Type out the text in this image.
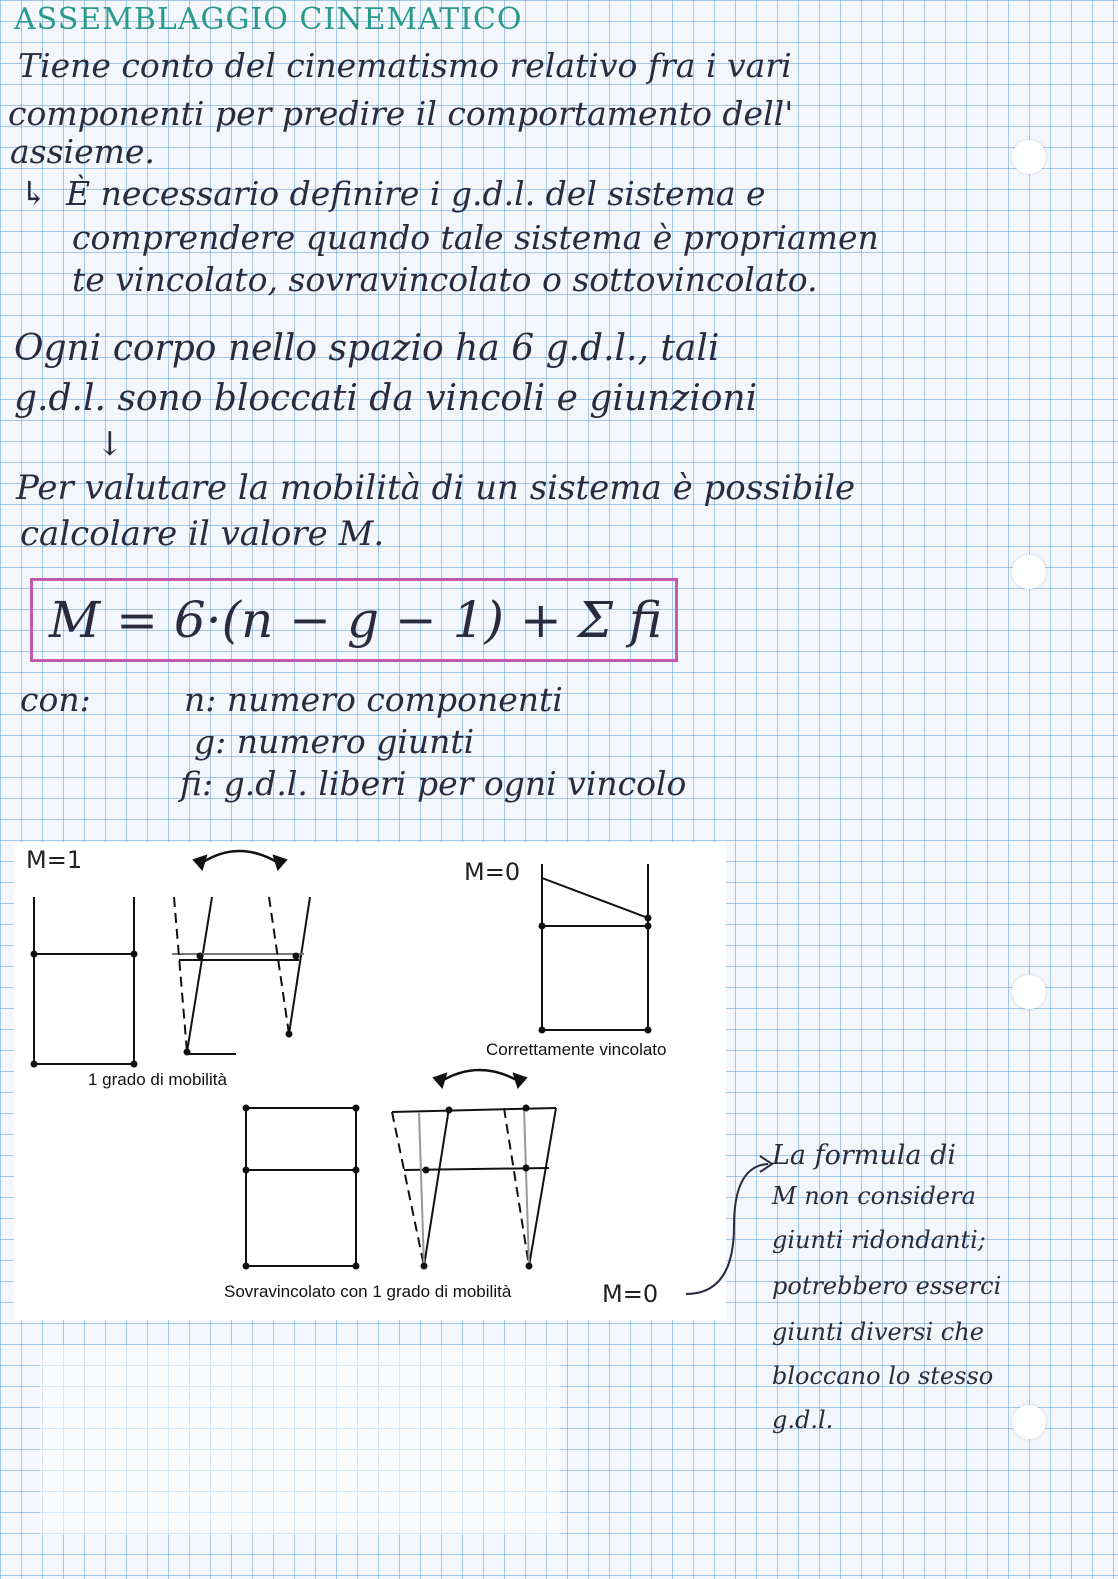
ASSEMBLAGGIO CINEMATICO
Tiene conto del cinematismo relativo fra i vari
componenti per predire il comportamento dell'
assieme.
↳ È necessario definire i g.d.l. del sistema e
comprendere quando tale sistema è propriamen
te vincolato, sovravincolato o sottovincolato.
Ogni corpo nello spazio ha 6 g.d.l., tali
g.d.l. sono bloccati da vincoli e giunzioni
↓
Per valutare la mobilità di un sistema è possibile
calcolare il valore M.
M = 6·(n − g − 1) + Σ fi
con:	n: numero componenti
g: numero giunti
fi: g.d.l. liberi per ogni vincolo
M=1	M=0
1 grado di mobilità
Correttamente vincolato
Sovravincolato con 1 grado di mobilità	M=0
La formula di
M non considera
giunti ridondanti;
potrebbero esserci
giunti diversi che
bloccano lo stesso
g.d.l.
